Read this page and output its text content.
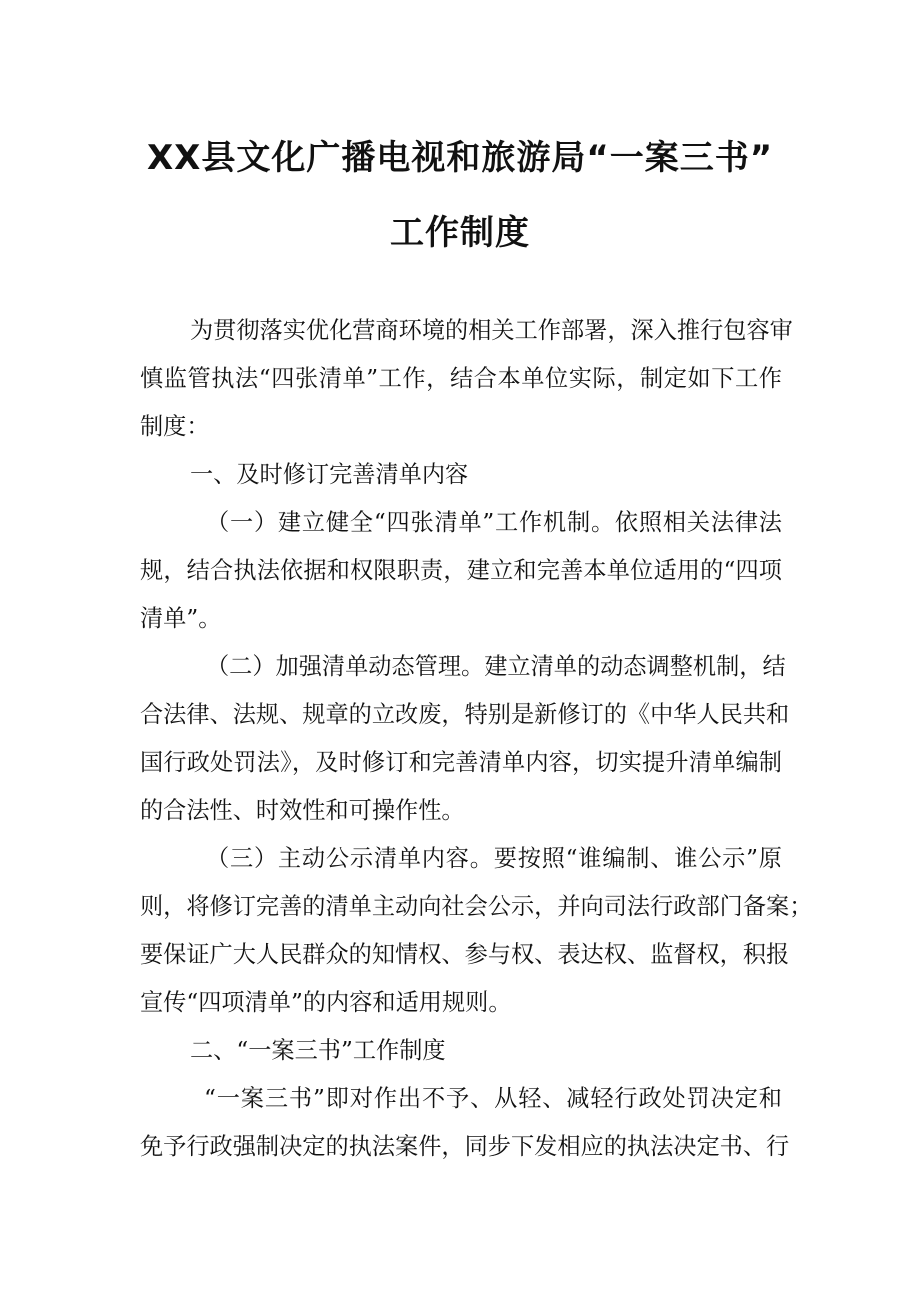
XX县文化广播电视和旅游局“一案三书”
工作制度
为贯彻落实优化营商环境的相关工作部署，深入推行包容审
慎监管执法“四张清单”工作，结合本单位实际，制定如下工作
制度：
一、及时修订完善清单内容
（一）建立健全“四张清单”工作机制。依照相关法律法
规，结合执法依据和权限职责，建立和完善本单位适用的“四项
清单”。
（二）加强清单动态管理。建立清单的动态调整机制，结
合法律、法规、规章的立改废，特别是新修订的《中华人民共和
国行政处罚法》，及时修订和完善清单内容，切实提升清单编制
的合法性、时效性和可操作性。
（三）主动公示清单内容。要按照“谁编制、谁公示”原
则，将修订完善的清单主动向社会公示，并向司法行政部门备案；
要保证广大人民群众的知情权、参与权、表达权、监督权，积报
宣传“四项清单”的内容和适用规则。
二、“一案三书”工作制度
“一案三书”即对作出不予、从轻、减轻行政处罚决定和
免予行政强制决定的执法案件，同步下发相应的执法决定书、行
